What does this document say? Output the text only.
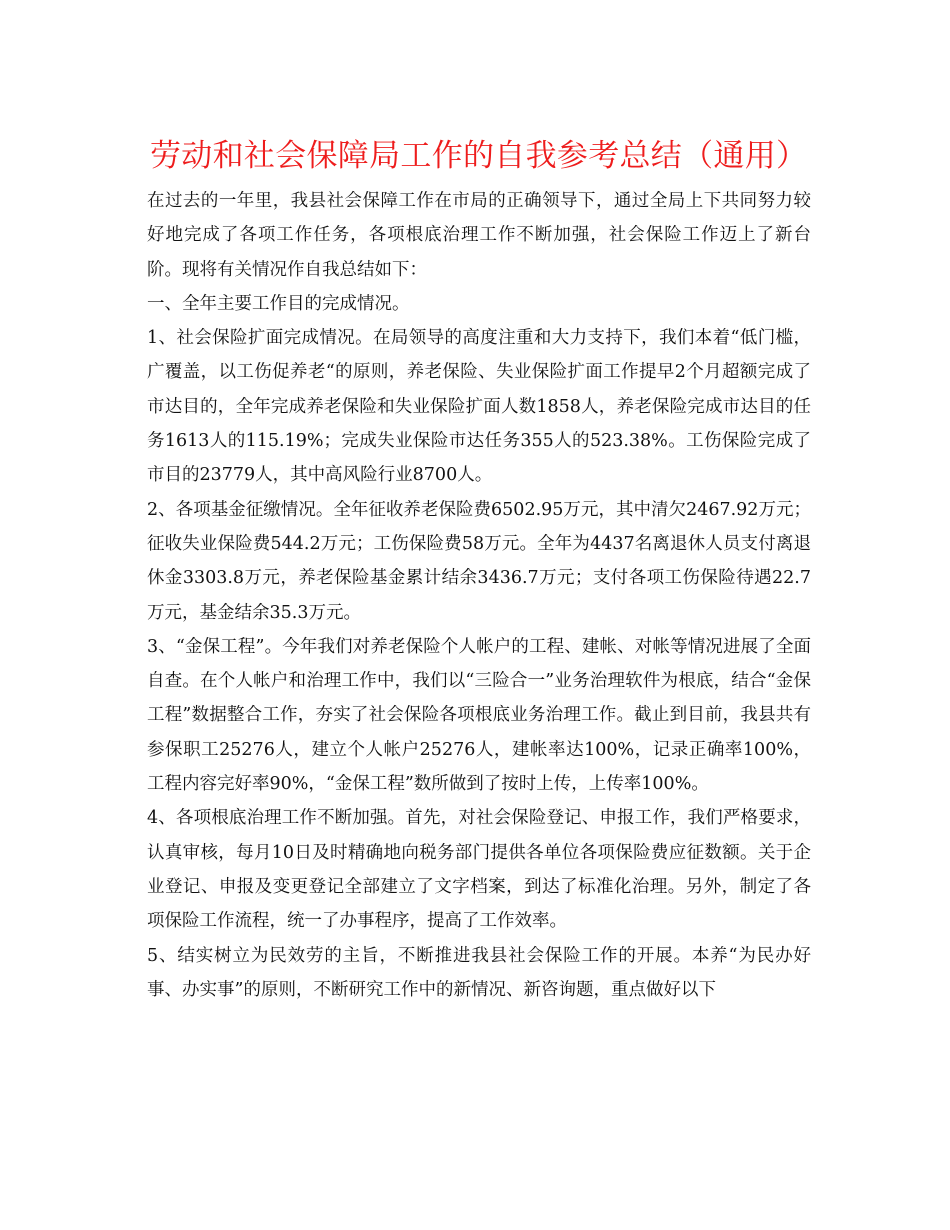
劳动和社会保障局工作的自我参考总结（通用）

在过去的一年里，我县社会保障工作在市局的正确领导下，通过全局上下共同努力较好地完成了各项工作任务，各项根底治理工作不断加强，社会保险工作迈上了新台阶。现将有关情况作自我总结如下：

一、全年主要工作目的完成情况。

1、社会保险扩面完成情况。在局领导的高度注重和大力支持下，我们本着“低门槛，广覆盖，以工伤促养老“的原则，养老保险、失业保险扩面工作提早2个月超额完成了市达目的，全年完成养老保险和失业保险扩面人数1858人，养老保险完成市达目的任务1613人的115.19%；完成失业保险市达任务355人的523.38%。工伤保险完成了市目的23779人，其中高风险行业8700人。

2、各项基金征缴情况。全年征收养老保险费6502.95万元，其中清欠2467.92万元；征收失业保险费544.2万元；工伤保险费58万元。全年为4437名离退休人员支付离退休金3303.8万元，养老保险基金累计结余3436.7万元；支付各项工伤保险待遇22.7万元，基金结余35.3万元。

3、“金保工程”。今年我们对养老保险个人帐户的工程、建帐、对帐等情况进展了全面自查。在个人帐户和治理工作中，我们以“三险合一”业务治理软件为根底，结合“金保工程”数据整合工作，夯实了社会保险各项根底业务治理工作。截止到目前，我县共有参保职工25276人，建立个人帐户25276人，建帐率达100%，记录正确率100%，工程内容完好率90%，“金保工程”数所做到了按时上传，上传率100%。

4、各项根底治理工作不断加强。首先，对社会保险登记、申报工作，我们严格要求，认真审核，每月10日及时精确地向税务部门提供各单位各项保险费应征数额。关于企业登记、申报及变更登记全部建立了文字档案，到达了标准化治理。另外，制定了各项保险工作流程，统一了办事程序，提高了工作效率。

5、结实树立为民效劳的主旨，不断推进我县社会保险工作的开展。本养“为民办好事、办实事”的原则，不断研究工作中的新情况、新咨询题，重点做好以下
